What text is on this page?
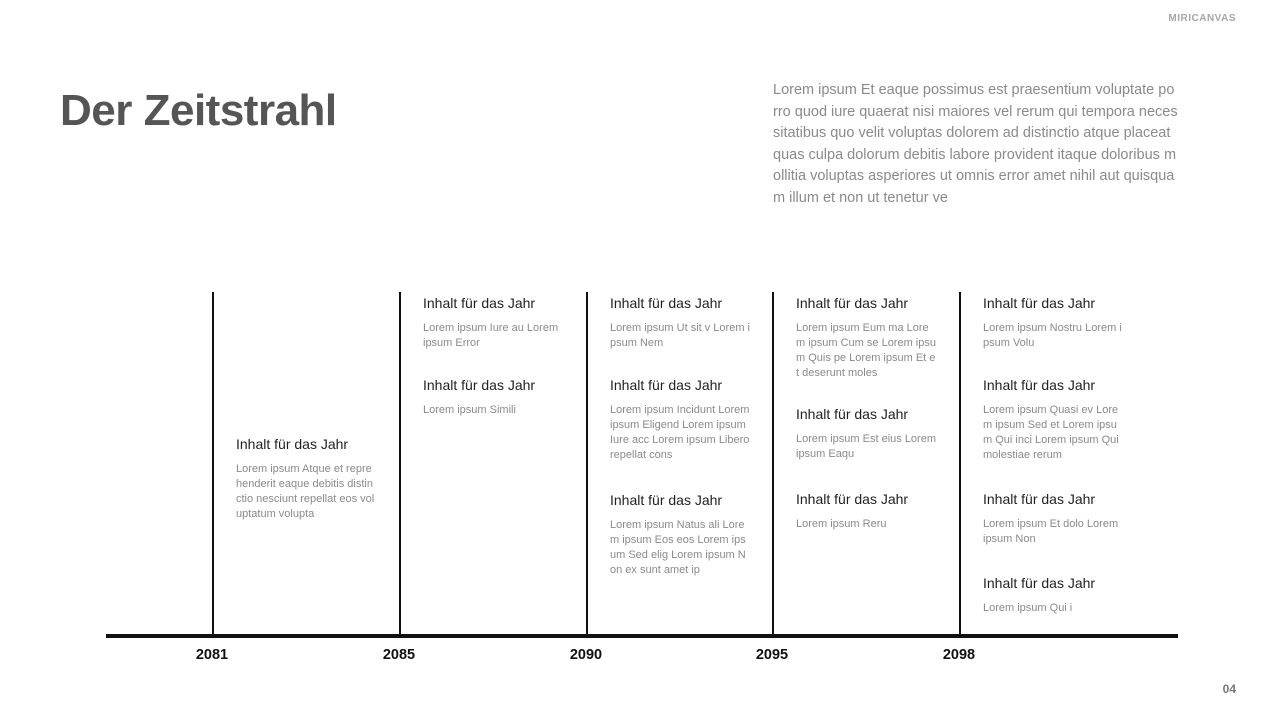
MIRICANVAS
Der Zeitstrahl	Lorem ipsum Et eaque possimus est praesentium voluptate porro quod iure quaerat nisi maiores vel rerum qui tempora necessitatibus quo velit voluptas dolorem ad distinctio atque placeat quas culpa dolorum debitis labore provident itaque doloribus mollitia voluptas asperiores ut omnis error amet nihil aut quisquam illum et non ut tenetur ve
2081
Inhalt für das Jahr
Lorem ipsum Atque et reprehenderit eaque debitis distinctio nesciunt repellat eos voluptatum volupta
2085
Inhalt für das Jahr
Lorem ipsum Iure au Lorem ipsum Error
Inhalt für das Jahr
Lorem ipsum Simili
2090
Inhalt für das Jahr
Lorem ipsum Ut sit v Lorem ipsum Nem
Inhalt für das Jahr
Lorem ipsum Incidunt Lorem ipsum Eligend Lorem ipsum Iure acc Lorem ipsum Libero repellat cons
Inhalt für das Jahr
Lorem ipsum Natus ali Lorem ipsum Eos eos Lorem ipsum Sed elig Lorem ipsum Non ex sunt amet ip
2095
Inhalt für das Jahr
Lorem ipsum Eum ma Lorem ipsum Cum se Lorem ipsum Quis pe Lorem ipsum Et et deserunt moles
Inhalt für das Jahr
Lorem ipsum Est eius Lorem ipsum Eaqu
Inhalt für das Jahr
Lorem ipsum Reru
2098
Inhalt für das Jahr
Lorem ipsum Nostru Lorem ipsum Volu
Inhalt für das Jahr
Lorem ipsum Quasi ev Lorem ipsum Sed et Lorem ipsum Qui inci Lorem ipsum Qui molestiae rerum
Inhalt für das Jahr
Lorem ipsum Et dolo Lorem ipsum Non
Inhalt für das Jahr
Lorem ipsum Qui i
04
